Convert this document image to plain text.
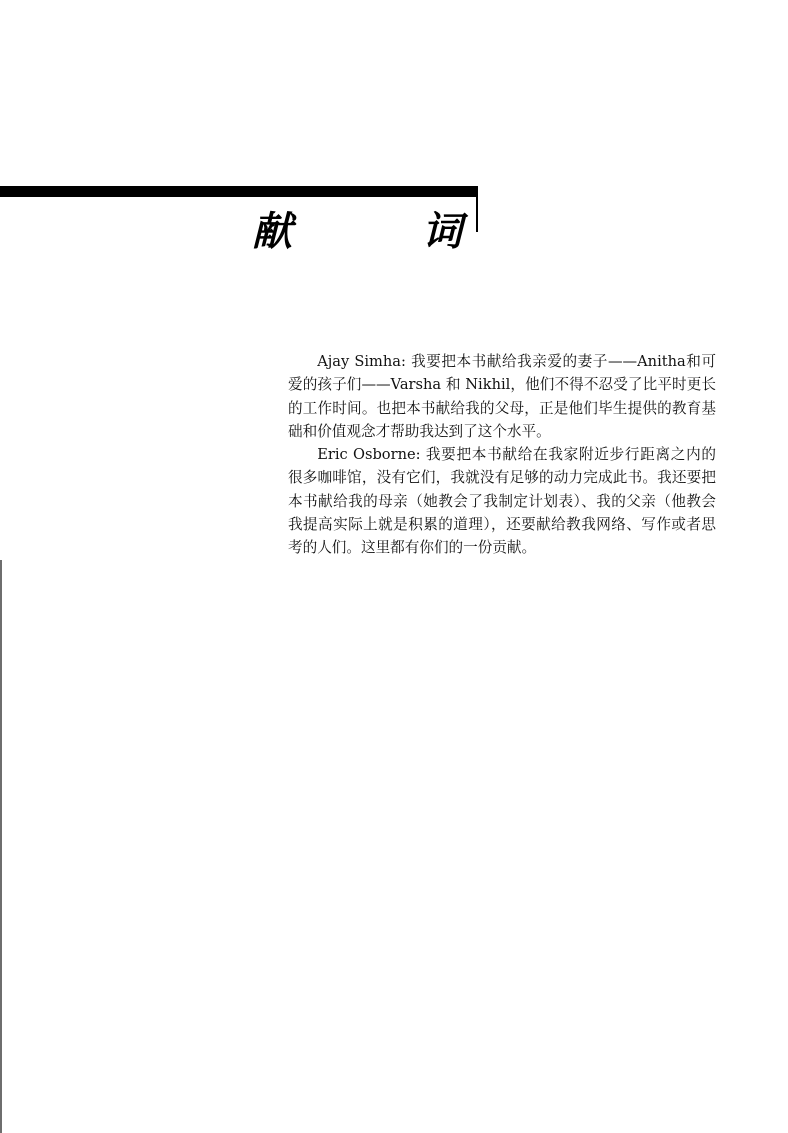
献	词

Ajay Simha: 我要把本书献给我亲爱的妻子——Anitha和可爱的孩子们——Varsha 和 Nikhil，他们不得不忍受了比平时更长的工作时间。也把本书献给我的父母，正是他们毕生提供的教育基础和价值观念才帮助我达到了这个水平。

Eric Osborne: 我要把本书献给在我家附近步行距离之内的很多咖啡馆，没有它们，我就没有足够的动力完成此书。我还要把本书献给我的母亲（她教会了我制定计划表）、我的父亲（他教会我提高实际上就是积累的道理），还要献给教我网络、写作或者思考的人们。这里都有你们的一份贡献。
